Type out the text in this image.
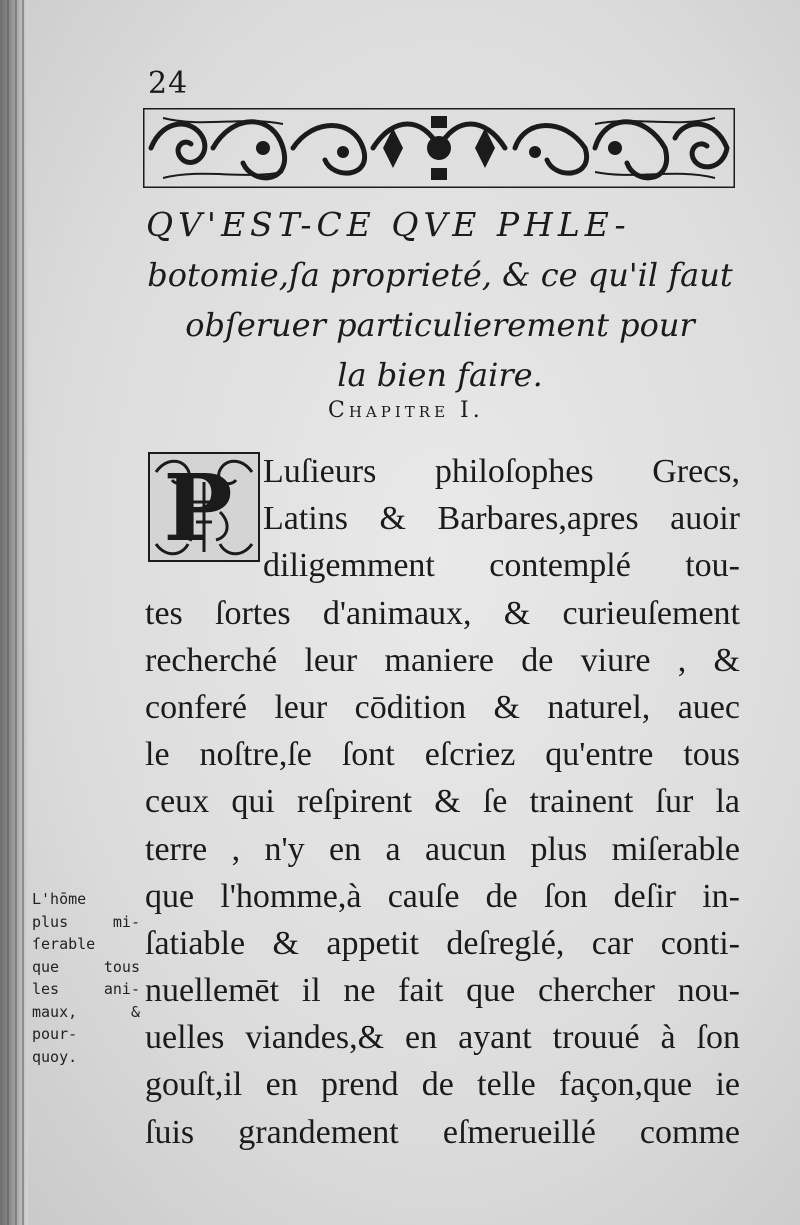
24
QV'EST-CE QVE PHLE-
botomie,ſa proprieté, & ce qu'il faut
obſeruer particulierement pour
la bien faire.
Chapitre I.
P Luſieurs philoſophes Grecs,
Latins & Barbares,apres auoir
diligemment contemplé tou-
tes ſortes d'animaux, & curieuſement
recherché leur maniere de viure , &
conferé leur cōdition & naturel, auec
le noſtre,ſe ſont eſcriez qu'entre tous
ceux qui reſpirent & ſe trainent ſur la
terre , n'y en a aucun plus miſerable
que l'homme,à cauſe de ſon deſir in-
ſatiable & appetit deſreglé, car conti-
nuellemēt il ne fait que chercher nou-
uelles viandes,& en ayant trouué à ſon
gouſt,il en prend de telle façon,que ie
ſuis grandement eſmerueillé comme
L'hōme
plus mi-
ſerable
que tous
les ani-
maux, &
pour-
quoy.
